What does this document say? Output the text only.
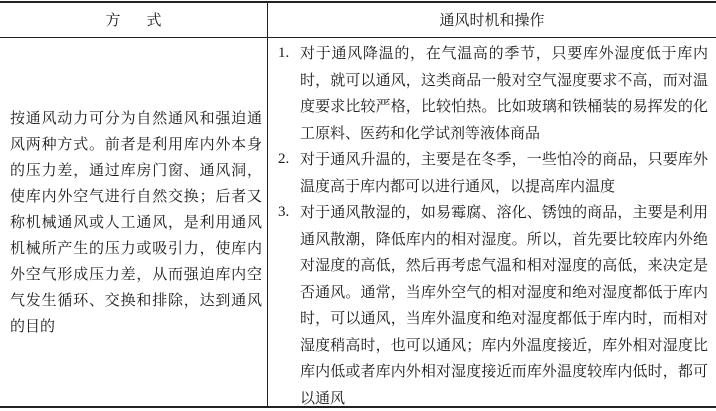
方式	通风时机和操作
按通风动力可分为自然通风和强迫通风两种方式。前者是利用库内外本身的压力差，通过库房门窗、通风洞，使库内外空气进行自然交换；后者又称机械通风或人工通风，是利用通风机械所产生的压力或吸引力，使库内外空气形成压力差，从而强迫库内空气发生循环、交换和排除，达到通风的目的
1. 对于通风降温的，在气温高的季节，只要库外湿度低于库内时，就可以通风，这类商品一般对空气湿度要求不高，而对温度要求比较严格，比较怕热。比如玻璃和铁桶装的易挥发的化工原料、医药和化学试剂等液体商品
2. 对于通风升温的，主要是在冬季，一些怕冷的商品，只要库外温度高于库内都可以进行通风，以提高库内温度
3. 对于通风散湿的，如易霉腐、溶化、锈蚀的商品，主要是利用通风散潮，降低库内的相对湿度。所以，首先要比较库内外绝对湿度的高低，然后再考虑气温和相对湿度的高低，来决定是否通风。通常，当库外空气的相对湿度和绝对湿度都低于库内时，可以通风，当库外温度和绝对湿度都低于库内时，而相对湿度稍高时，也可以通风；库内外温度接近，库外相对湿度比库内低或者库内外相对湿度接近而库外温度较库内低时，都可以通风
